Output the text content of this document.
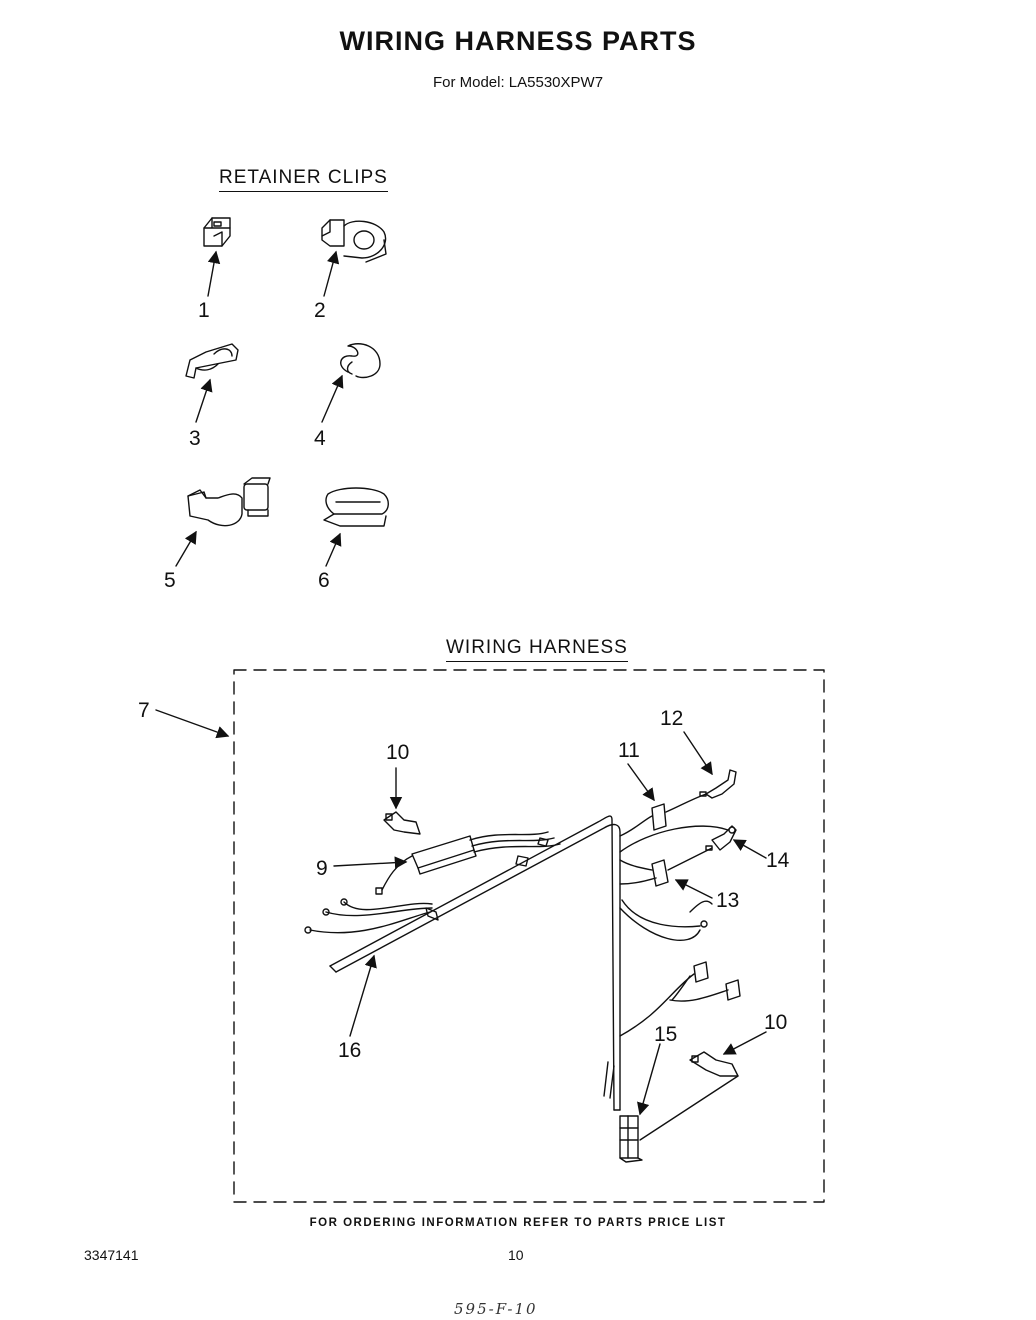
WIRING HARNESS PARTS
For Model: LA5530XPW7
RETAINER CLIPS
WIRING HARNESS
1	2
3	4
5	6
7
9
10
10
11
12
13
14
15
16
FOR ORDERING INFORMATION REFER TO PARTS PRICE LIST
3347141	10
595-F-10
